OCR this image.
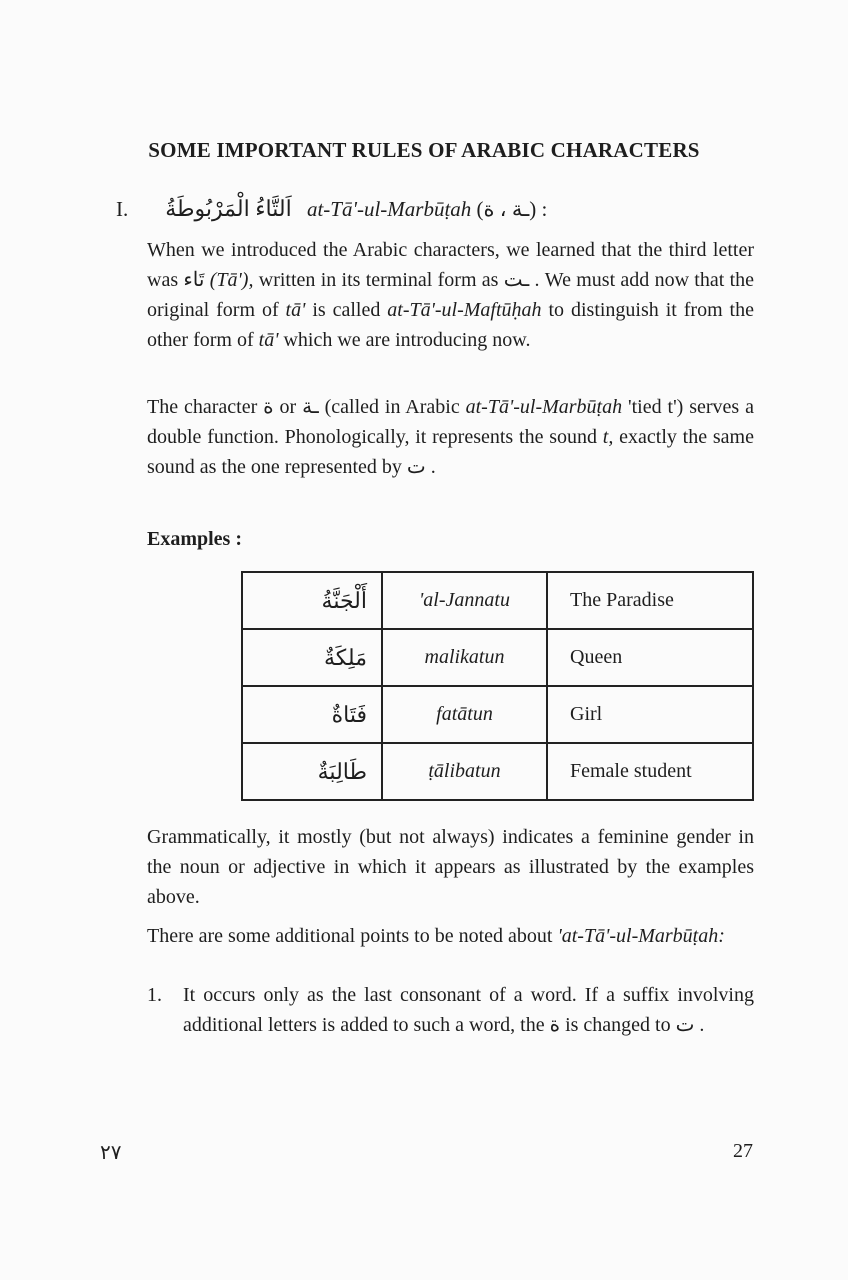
SOME IMPORTANT RULES OF ARABIC CHARACTERS
I. اَلتَّاءُ الْمَرْبُوطَةُ at-Tā'-ul-Marbūṭah (ـة ، ة) :
When we introduced the Arabic characters, we learned that the third letter was تَاء (Tā'), written in its terminal form as ـت . We must add now that the original form of tā' is called at-Tā'-ul-Maftūḥah to distinguish it from the other form of tā' which we are introducing now.
The character ة or ـة (called in Arabic at-Tā'-ul-Marbūṭah 'tied t') serves a double function. Phonologically, it represents the sound t, exactly the same sound as the one represented by ت .
Examples :
أَلْجَنَّةُ	'al-Jannatu	The Paradise
مَلِكَةٌ	malikatun	Queen
فَتَاةٌ	fatātun	Girl
طَالِبَةٌ	ṭālibatun	Female student
Grammatically, it mostly (but not always) indicates a feminine gender in the noun or adjective in which it appears as illustrated by the examples above.
There are some additional points to be noted about 'at-Tā'-ul-Marbūṭah:
1. It occurs only as the last consonant of a word. If a suffix involving additional letters is added to such a word, the ة is changed to ت .
٢٧	27
